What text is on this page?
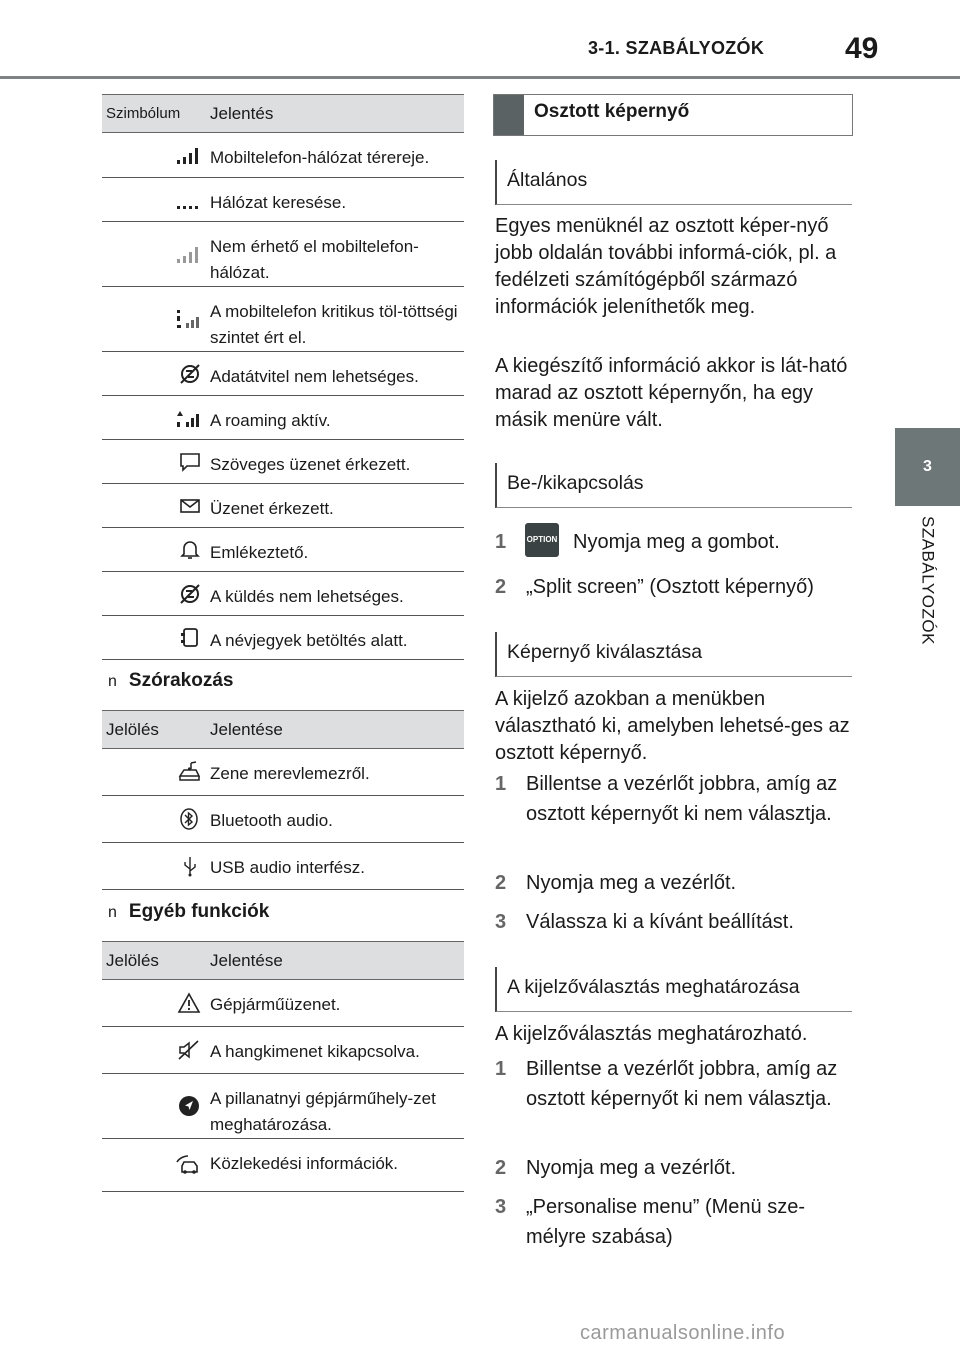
3-1. SZABÁLYOZÓK	49
3
SZABÁLYOZÓK
Szimbólum	Jelentés
	Mobiltelefon-hálózat térereje.
	Hálózat keresése.
	Nem érhető el mobiltelefon-hálózat.
	A mobiltelefon kritikus töl-töttségi szintet ért el.
	Adatátvitel nem lehetséges.
	A roaming aktív.
	Szöveges üzenet érkezett.
	Üzenet érkezett.
	Emlékeztető.
	A küldés nem lehetséges.
	A névjegyek betöltés alatt.
n Szórakozás
Jelölés	Jelentése
	Zene merevlemezről.
	Bluetooth audio.
	USB audio interfész.
n Egyéb funkciók
Jelölés	Jelentése
	Gépjárműüzenet.
	A hangkimenet kikapcsolva.
	A pillanatnyi gépjárműhely-zet meghatározása.
	Közlekedési információk.
Osztott képernyő
Általános
Egyes menüknél az osztott képer-nyő jobb oldalán további informá-ciók, pl. a fedélzeti számítógépből származó információk jeleníthetők meg.
A kiegészítő információ akkor is lát-ható marad az osztott képernyőn, ha egy másik menüre vált.
Be-/kikapcsolás
1	OPTION Nyomja meg a gombot.
2 „Split screen” (Osztott képernyő)
Képernyő kiválasztása
A kijelző azokban a menükben választható ki, amelyben lehetsé-ges az osztott képernyő.
1 Billentse a vezérlőt jobbra, amíg az osztott képernyőt ki nem választja.
2 Nyomja meg a vezérlőt.
3 Válassza ki a kívánt beállítást.
A kijelzőválasztás meghatározása
A kijelzőválasztás meghatározható.
1 Billentse a vezérlőt jobbra, amíg az osztott képernyőt ki nem választja.
2 Nyomja meg a vezérlőt.
3 „Personalise menu” (Menü sze-mélyre szabása)
carmanualsonline.info
